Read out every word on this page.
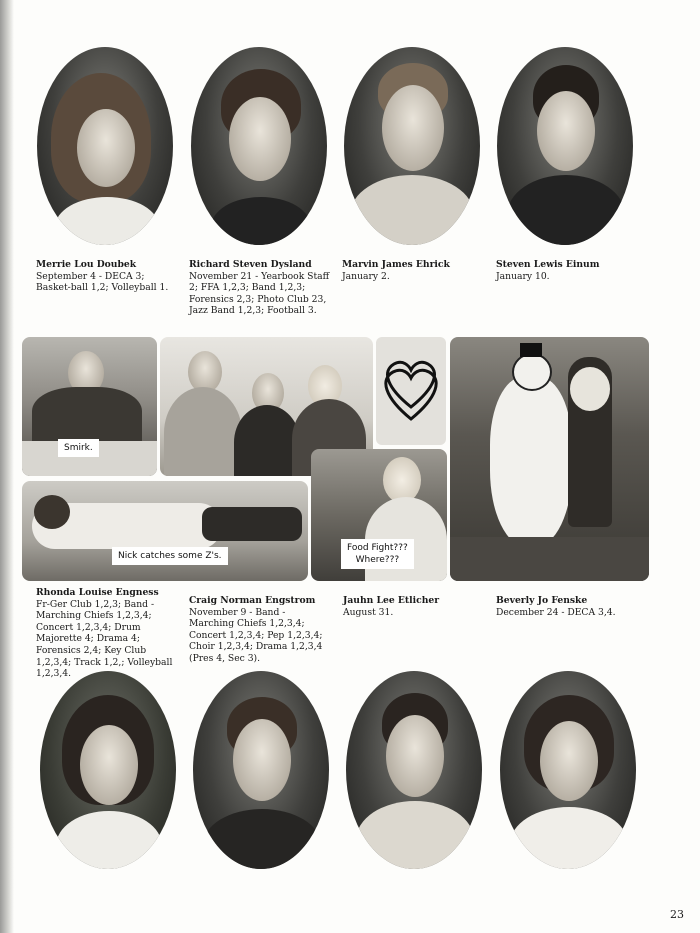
Merrie Lou Doubek
September 4 - DECA 3; Basket-ball 1,2; Volleyball 1.
Richard Steven Dysland
November 21 - Yearbook Staff 2; FFA 1,2,3; Band 1,2,3; Forensics 2,3; Photo Club 23, Jazz Band 1,2,3; Football 3.
Marvin James Ehrick
January 2.
Steven Lewis Einum
January 10.
Smirk.
Nick catches some Z's.
Food Fight???
Where???
Rhonda Louise Engness
Fr-Ger Club 1,2,3; Band - Marching Chiefs 1,2,3,4; Concert 1,2,3,4; Drum Majorette 4; Drama 4; Forensics 2,4; Key Club 1,2,3,4; Track 1,2,; Volleyball 1,2,3,4.
Craig Norman Engstrom
November 9 - Band - Marching Chiefs 1,2,3,4; Concert 1,2,3,4; Pep 1,2,3,4; Choir 1,2,3,4; Drama 1,2,3,4 (Pres 4, Sec 3).
Jauhn Lee Etlicher
August 31.
Beverly Jo Fenske
December 24 - DECA 3,4.
23
